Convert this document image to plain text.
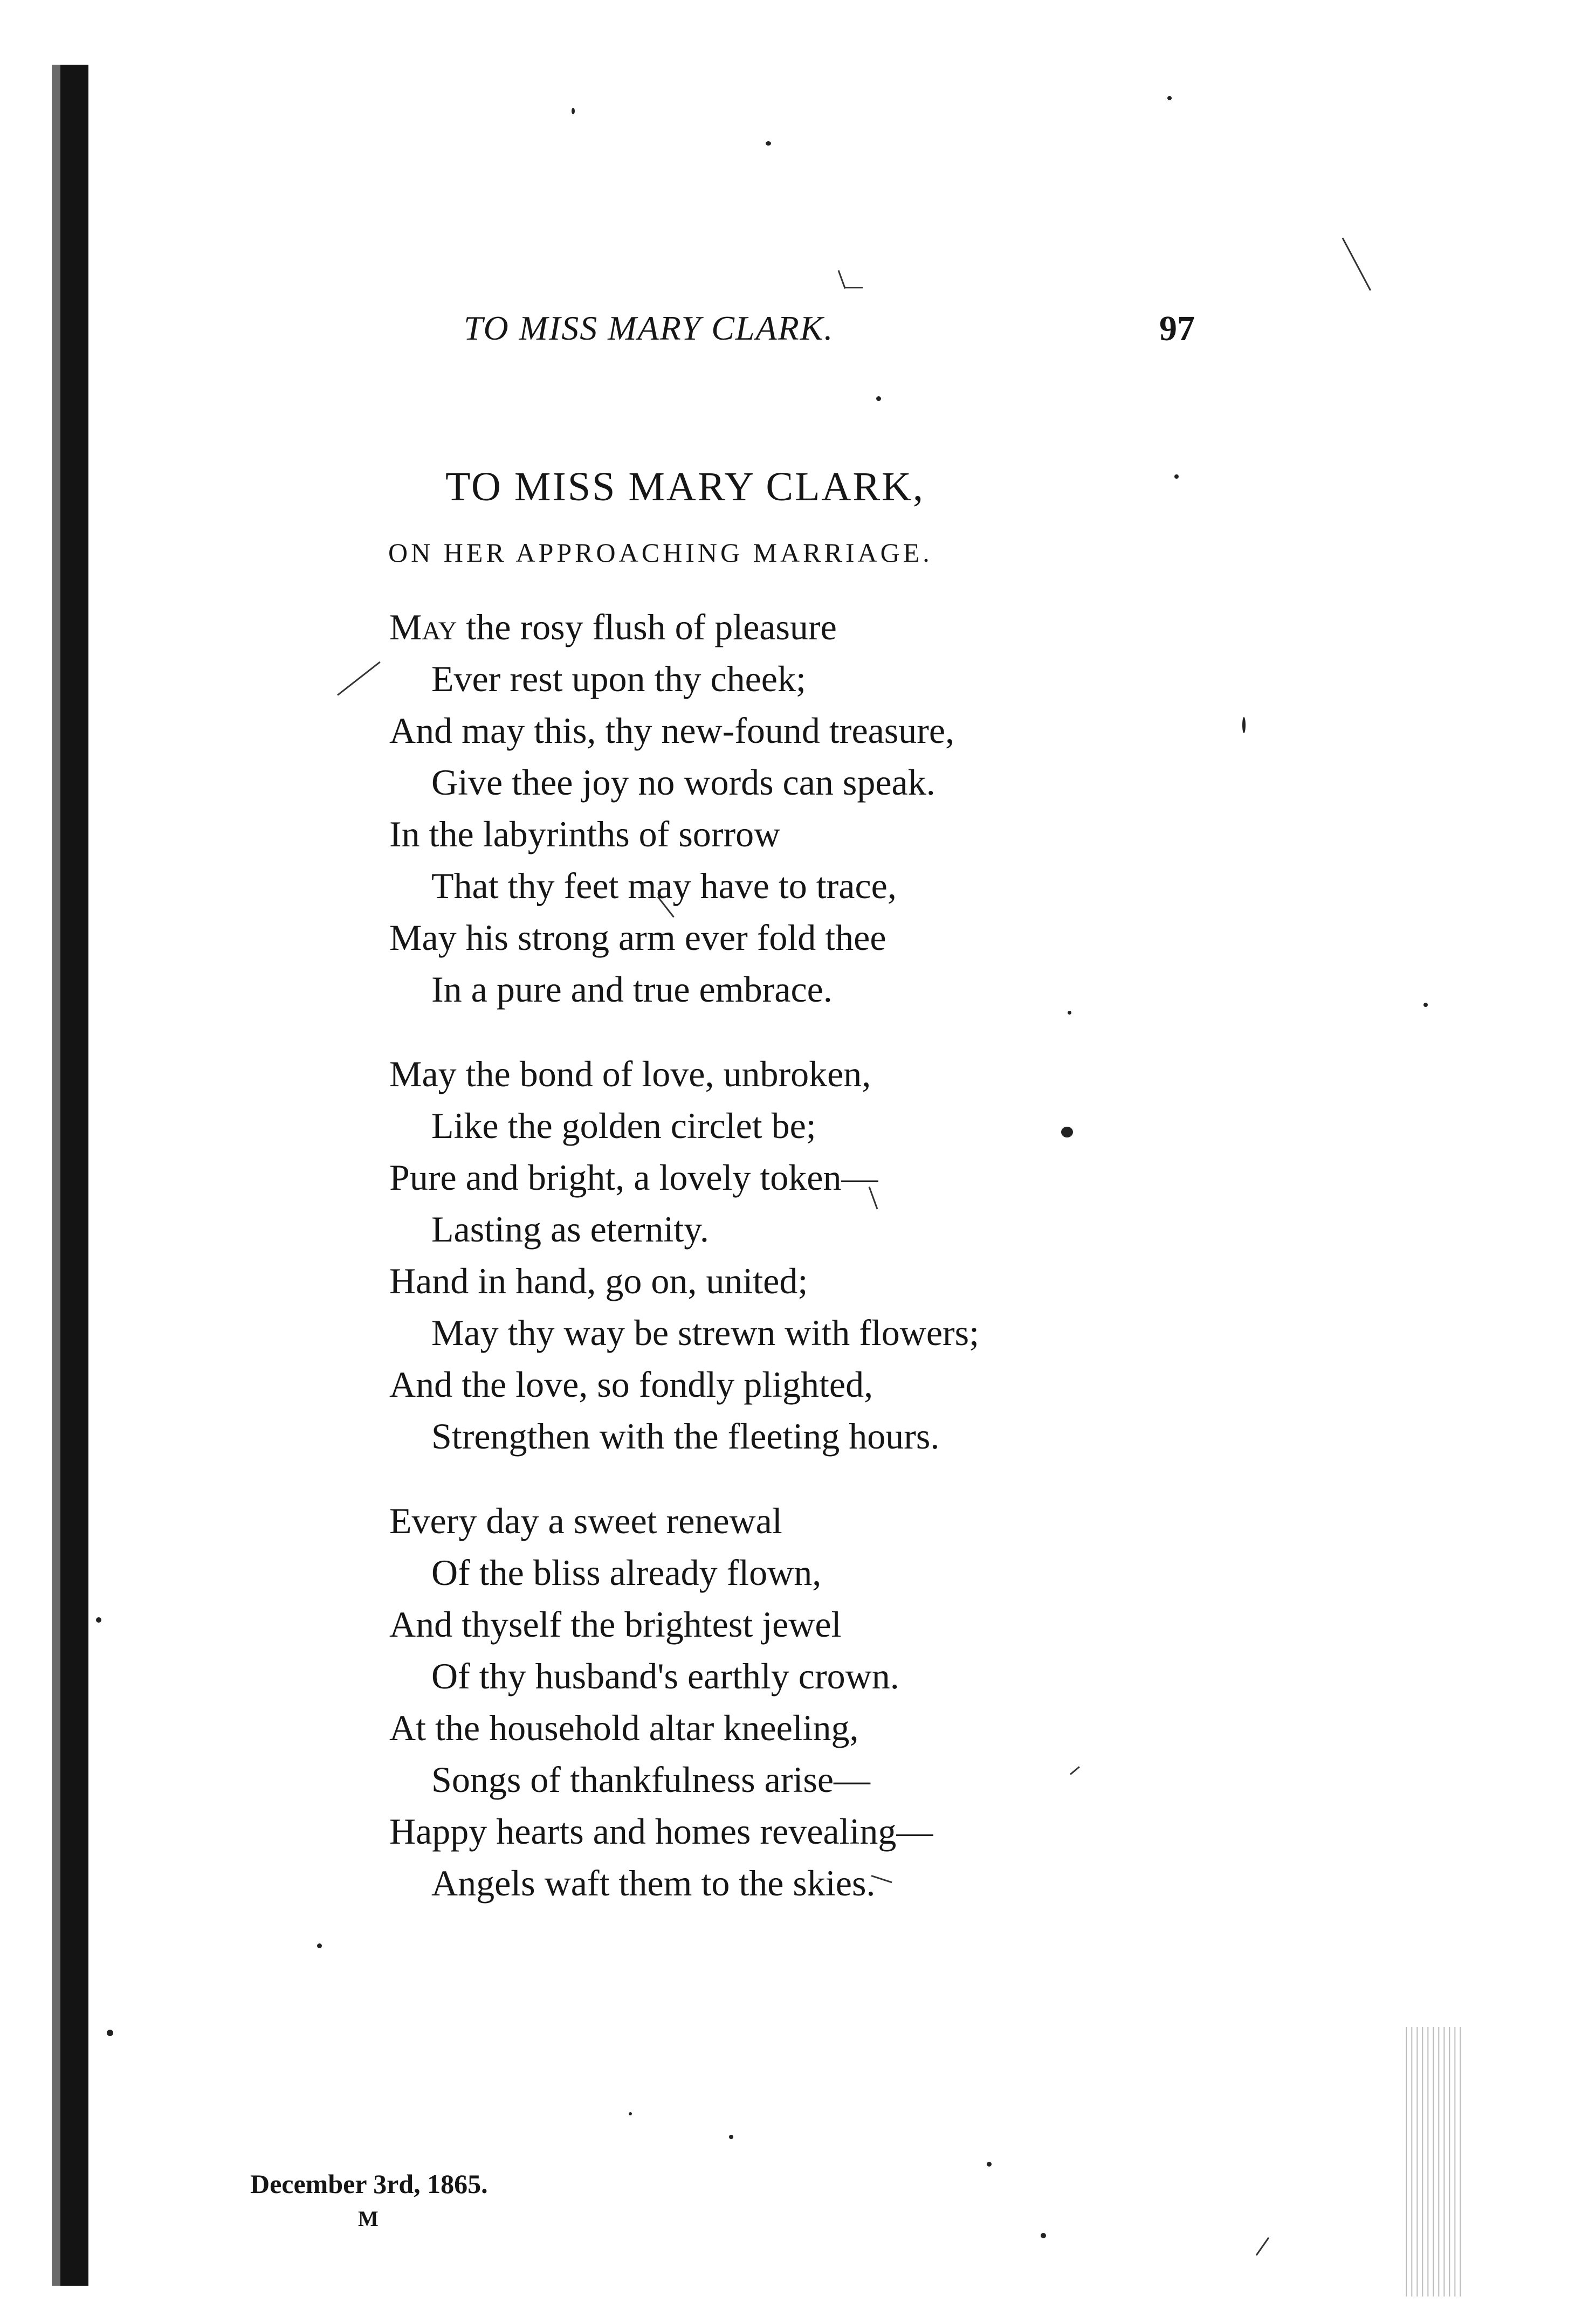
TO MISS MARY CLARK.	97
TO MISS MARY CLARK,
ON HER APPROACHING MARRIAGE.
May the rosy flush of pleasure
Ever rest upon thy cheek;
And may this, thy new-found treasure,
Give thee joy no words can speak.
In the labyrinths of sorrow
That thy feet may have to trace,
May his strong arm ever fold thee
In a pure and true embrace.
May the bond of love, unbroken,
Like the golden circlet be;
Pure and bright, a lovely token—
Lasting as eternity.
Hand in hand, go on, united;
May thy way be strewn with flowers;
And the love, so fondly plighted,
Strengthen with the fleeting hours.
Every day a sweet renewal
Of the bliss already flown,
And thyself the brightest jewel
Of thy husband's earthly crown.
At the household altar kneeling,
Songs of thankfulness arise—
Happy hearts and homes revealing—
Angels waft them to the skies.
December 3rd, 1865.
M
